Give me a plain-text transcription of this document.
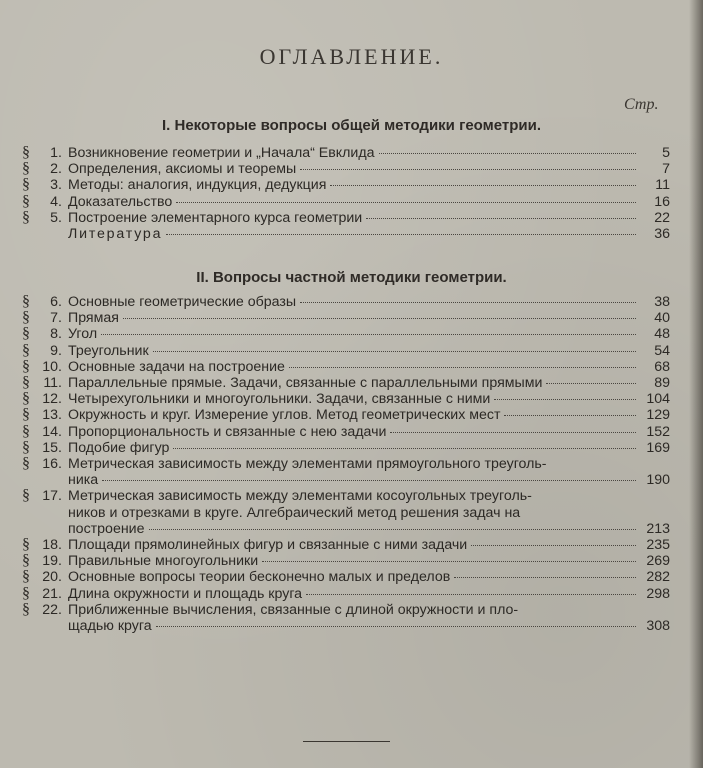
ОГЛАВЛЕНИЕ.
Стр.
I. Некоторые вопросы общей методики геометрии.
§	1. Возникновение геометрии и „Начала“ Евклида	5
§	2. Определения, аксиомы и теоремы	7
§	3. Методы: аналогия, индукция, дедукция	11
§	4. Доказательство	16
§	5. Построение элементарного курса геометрии	22
Литература	36
II. Вопросы частной методики геометрии.
§	6. Основные геометрические образы	38
§	7. Прямая	40
§	8. Угол	48
§	9. Треугольник	54
§ 10. Основные задачи на построение	68
§ 11. Параллельные прямые. Задачи, связанные с параллельными прямыми	89
§ 12. Четырехугольники и многоугольники. Задачи, связанные с ними	104
§ 13. Окружность и круг. Измерение углов. Метод геометрических мест	129
§ 14. Пропорциональность и связанные с нею задачи	152
§ 15. Подобие фигур	169
§ 16. Метрическая зависимость между элементами прямоугольного треуголь-
ника	190
§ 17. Метрическая зависимость между элементами косоугольных треуголь-
ников и отрезками в круге. Алгебраический метод решения задач на
построение	213
§ 18. Площади прямолинейных фигур и связанные с ними задачи	235
§ 19. Правильные многоугольники	269
§ 20. Основные вопросы теории бесконечно малых и пределов	282
§ 21. Длина окружности и площадь круга	298
§ 22. Приближенные вычисления, связанные с длиной окружности и пло-
щадью круга	308
